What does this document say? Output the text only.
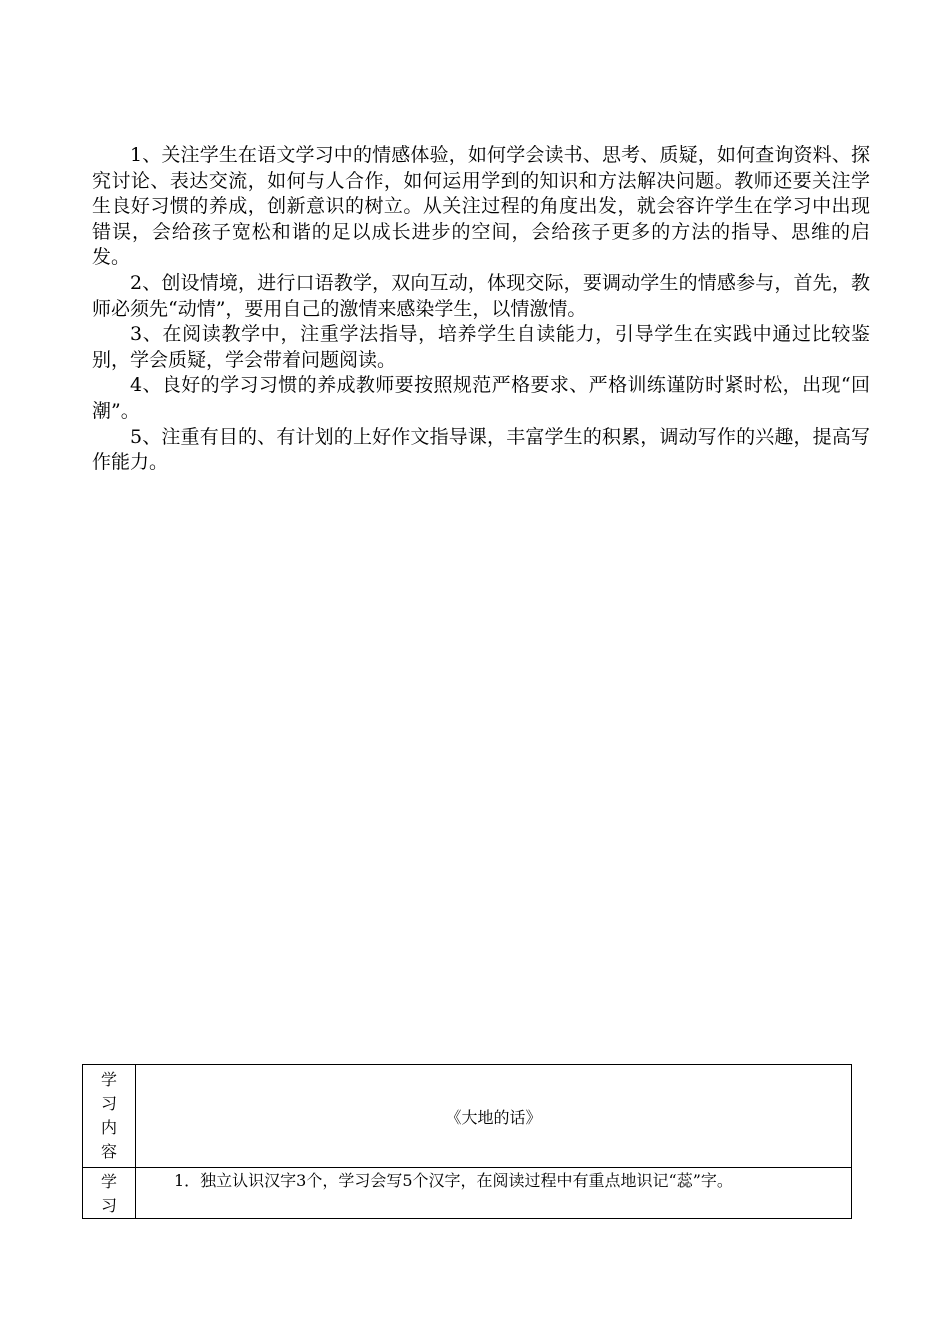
1、关注学生在语文学习中的情感体验，如何学会读书、思考、质疑，如何查询资料、探究讨论、表达交流，如何与人合作，如何运用学到的知识和方法解决问题。教师还要关注学生良好习惯的养成，创新意识的树立。从关注过程的角度出发，就会容许学生在学习中出现错误，会给孩子宽松和谐的足以成长进步的空间，会给孩子更多的方法的指导、思维的启发。

2、创设情境，进行口语教学，双向互动，体现交际，要调动学生的情感参与，首先，教师必须先“动情”，要用自己的激情来感染学生，以情激情。

3、在阅读教学中，注重学法指导，培养学生自读能力，引导学生在实践中通过比较鉴别，学会质疑，学会带着问题阅读。

4、良好的学习习惯的养成教师要按照规范严格要求、严格训练谨防时紧时松，出现“回潮”。

5、注重有目的、有计划的上好作文指导课，丰富学生的积累，调动写作的兴趣，提高写作能力。

学
习
内
容	《大地的话》

学
习	1．独立认识汉字3个，学习会写5个汉字，在阅读过程中有重点地识记“蕊”字。
